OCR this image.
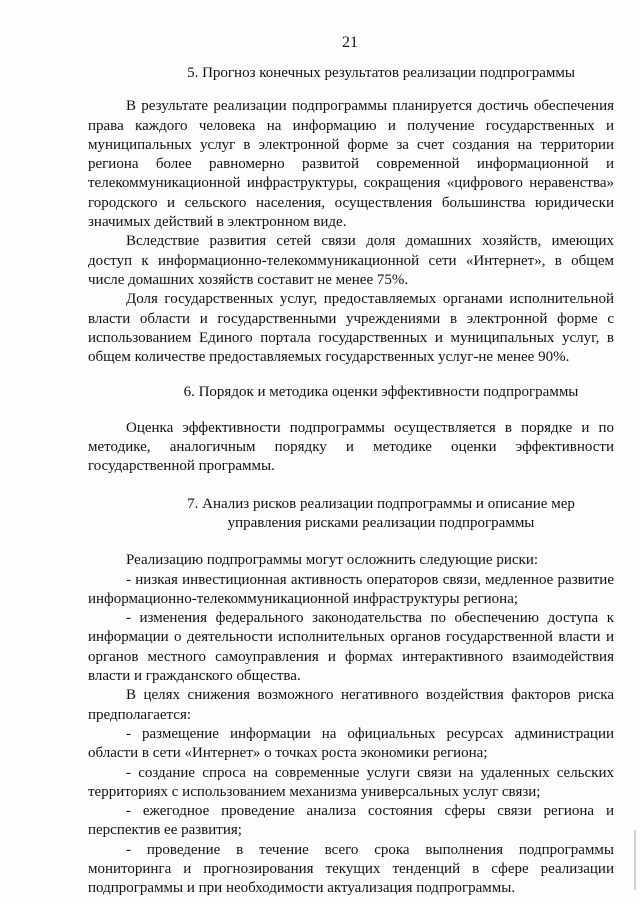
21
5. Прогноз конечных результатов реализации подпрограммы

В результате реализации подпрограммы планируется достичь обеспечения права каждого человека на информацию и получение государственных и муниципальных услуг в электронной форме за счет создания на территории региона более равномерно развитой современной информационной и телекоммуникационной инфраструктуры, сокращения «цифрового неравенства» городского и сельского населения, осуществления большинства юридически значимых действий в электронном виде.

Вследствие развития сетей связи доля домашних хозяйств, имеющих доступ к информационно-телекоммуникационной сети «Интернет», в общем числе домашних хозяйств составит не менее 75%.

Доля государственных услуг, предоставляемых органами исполнительной власти области и государственными учреждениями в электронной форме с использованием Единого портала государственных и муниципальных услуг, в общем количестве предоставляемых государственных услуг-не менее 90%.

6. Порядок и методика оценки эффективности подпрограммы

Оценка эффективности подпрограммы осуществляется в порядке и по методике, аналогичным порядку и методике оценки эффективности государственной программы.

7. Анализ рисков реализации подпрограммы и описание мер
управления рисками реализации подпрограммы

Реализацию подпрограммы могут осложнить следующие риски:

- низкая инвестиционная активность операторов связи, медленное развитие информационно-телекоммуникационной инфраструктуры региона;

- изменения федерального законодательства по обеспечению доступа к информации о деятельности исполнительных органов государственной власти и органов местного самоуправления и формах интерактивного взаимодействия власти и гражданского общества.

В целях снижения возможного негативного воздействия факторов риска предполагается:

- размещение информации на официальных ресурсах администрации области в сети «Интернет» о точках роста экономики региона;

- создание спроса на современные услуги связи на удаленных сельских территориях с использованием механизма универсальных услуг связи;

- ежегодное проведение анализа состояния сферы связи региона и перспектив ее развития;

- проведение в течение всего срока выполнения подпрограммы мониторинга и прогнозирования текущих тенденций в сфере реализации подпрограммы и при необходимости актуализация подпрограммы.
